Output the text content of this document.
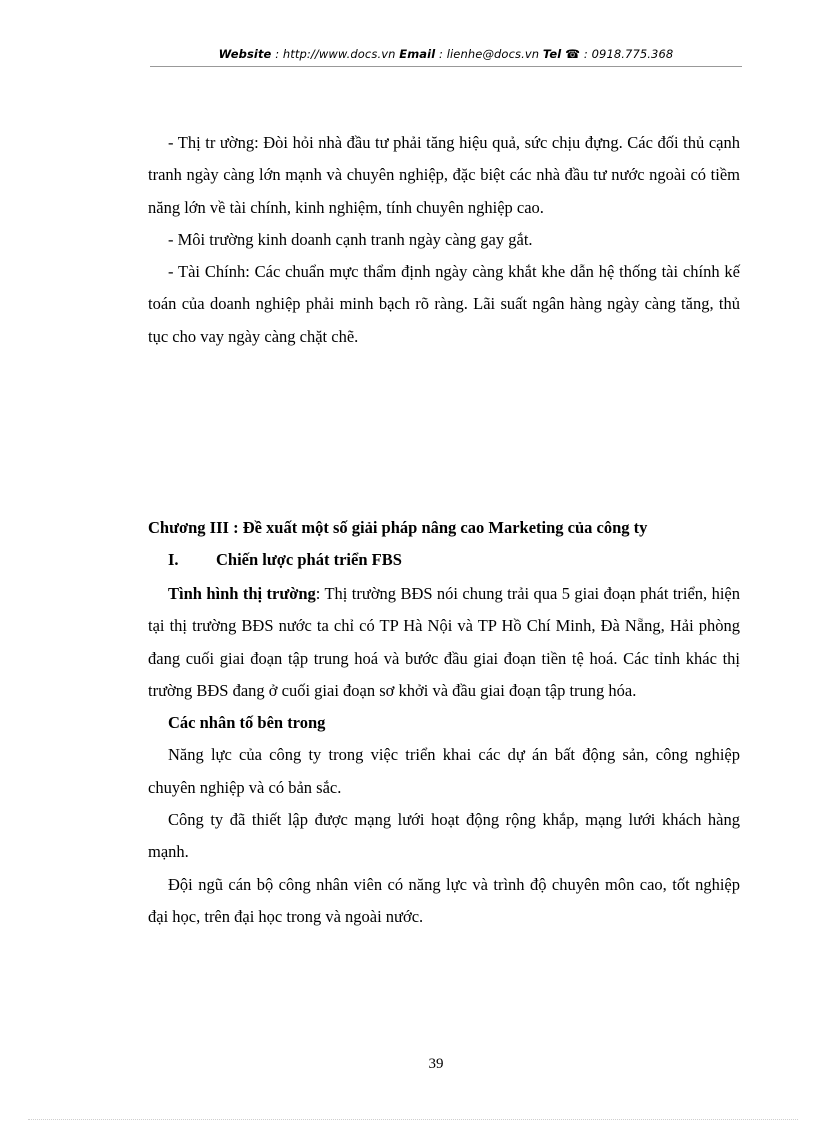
Website : http://www.docs.vn Email : lienhe@docs.vn Tel ☎ : 0918.775.368

- Thị tr ường: Đòi hỏi nhà đầu tư phải tăng hiệu quả, sức chịu đựng. Các đối thủ cạnh tranh ngày càng lớn mạnh và chuyên nghiệp, đặc biệt các nhà đầu tư nước ngoài có tiềm năng lớn về tài chính, kinh nghiệm, tính chuyên nghiệp cao.

- Môi trường kinh doanh cạnh tranh ngày càng gay gắt.

- Tài Chính: Các chuẩn mực thẩm định ngày càng khắt khe dẫn hệ thống tài chính kế toán của doanh nghiệp phải minh bạch rõ ràng. Lãi suất ngân hàng ngày càng tăng, thủ tục cho vay ngày càng chặt chẽ.

Chương III : Đề xuất một số giải pháp nâng cao Marketing của công ty
I. Chiến lược phát triển FBS

Tình hình thị trường: Thị trường BĐS nói chung trải qua 5 giai đoạn phát triển, hiện tại thị trường BĐS nước ta chỉ có TP Hà Nội và TP Hồ Chí Minh, Đà Nẵng, Hải phòng đang cuối giai đoạn tập trung hoá và bước đầu giai đoạn tiền tệ hoá. Các tỉnh khác thị trường BĐS đang ở cuối giai đoạn sơ khởi và đầu giai đoạn tập trung hóa.

Các nhân tố bên trong

Năng lực của công ty trong việc triển khai các dự án bất động sản, công nghiệp chuyên nghiệp và có bản sắc.

Công ty đã thiết lập được mạng lưới hoạt động rộng khắp, mạng lưới khách hàng mạnh.

Đội ngũ cán bộ công nhân viên có năng lực và trình độ chuyên môn cao, tốt nghiệp đại học, trên đại học trong và ngoài nước.

39
